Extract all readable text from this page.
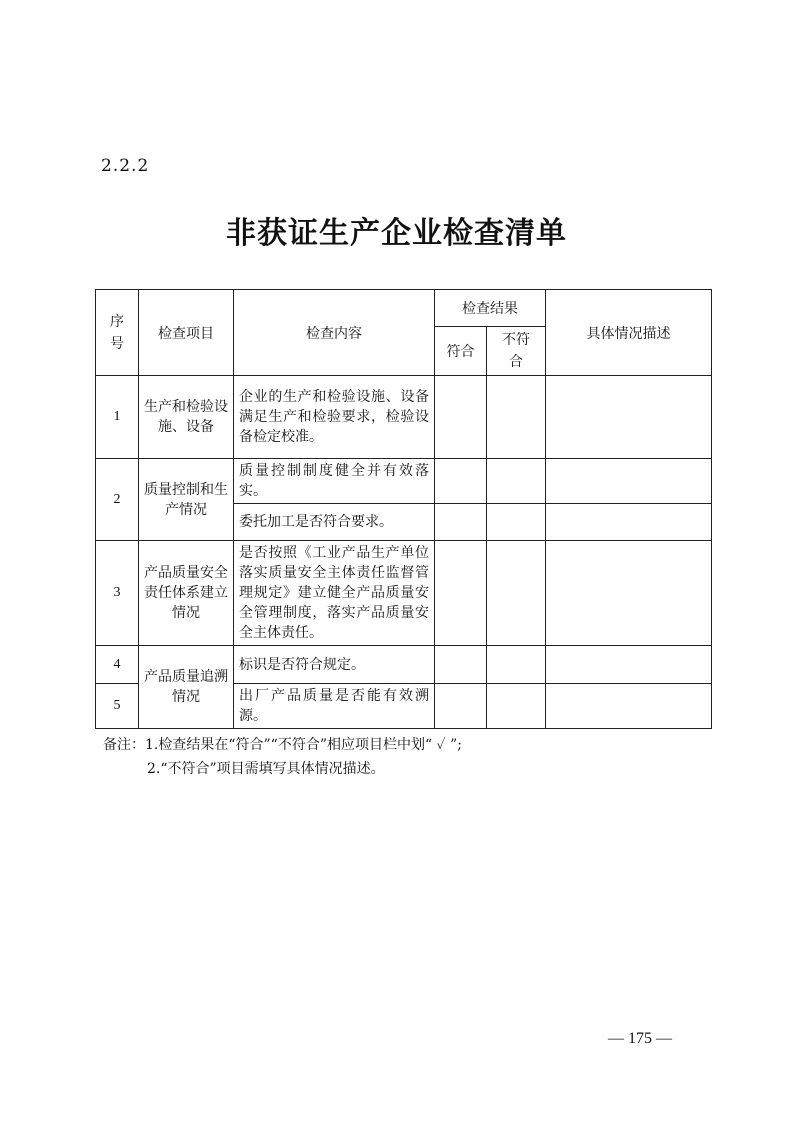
2.2.2
非获证生产企业检查清单
序号	检查项目	检查内容	检查结果		具体情况描述
			符合	不符合	

1	生产和检验设施、设备	企业的生产和检验设施、设备满足生产和检验要求，检验设备检定校准。			
2	质量控制和生产情况	质量控制制度健全并有效落实。			
		委托加工是否符合要求。			
3	产品质量安全责任体系建立情况	是否按照《工业产品生产单位落实质量安全主体责任监督管理规定》建立健全产品质量安全管理制度，落实产品质量安全主体责任。			
4	产品质量追溯情况	标识是否符合规定。			
5		出厂产品质量是否能有效溯源。			
备注：1.检查结果在“符合”“不符合”相应项目栏中划“ ✓ ”;
2.“不符合”项目需填写具体情况描述。
— 175 —
